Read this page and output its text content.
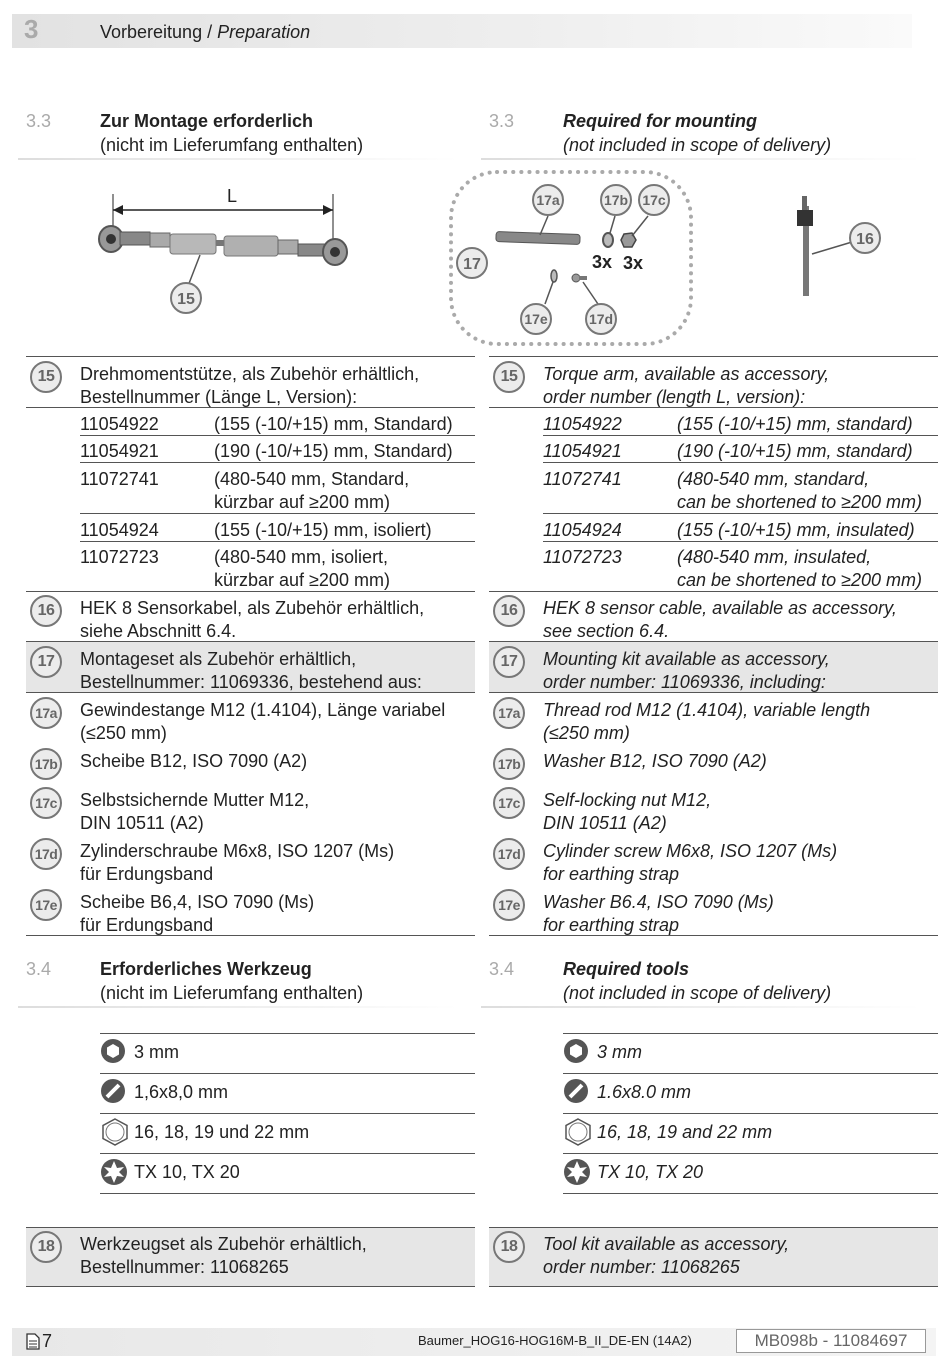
3	Vorbereitung / Preparation
3.3	Zur Montage erforderlich
(nicht im Lieferumfang enthalten)
3.3	Required for mounting
(not included in scope of delivery)
L
15
3x 3x
17
17a	17b 17c
17d
17e
16
15	Drehmomentstütze, als Zubehör erhältlich,
Bestellnummer (Länge L, Version):
11054922	(155 (-10/+15) mm, Standard)
11054921	(190 (-10/+15) mm, Standard)
11072741	(480-540 mm, Standard,
kürzbar auf ≥200 mm)
11054924	(155 (-10/+15) mm, isoliert)
11072723	(480-540 mm, isoliert,
kürzbar auf ≥200 mm)
16	HEK 8 Sensorkabel, als Zubehör erhältlich,
siehe Abschnitt 6.4.
17	Montageset als Zubehör erhältlich,
Bestellnummer: 11069336, bestehend aus:
17a Gewindestange M12 (1.4104), Länge variabel
(≤250 mm)
17b Scheibe B12, ISO 7090 (A2)
17c Selbstsichernde Mutter M12,
DIN 10511 (A2)
17d Zylinderschraube M6x8, ISO 1207 (Ms)
für Erdungsband
17e Scheibe B6,4, ISO 7090 (Ms)
für Erdungsband
3.4	Erforderliches Werkzeug
(nicht im Lieferumfang enthalten)
3 mm
1,6x8,0 mm
16, 18, 19 und 22 mm
TX 10, TX 20
18	Werkzeugset als Zubehör erhältlich,
Bestellnummer: 11068265
15	Torque arm, available as accessory,
order number (length L, version):
11054922	(155 (-10/+15) mm, standard)
11054921	(190 (-10/+15) mm, standard)
11072741	(480-540 mm, standard,
can be shortened to ≥200 mm)
11054924	(155 (-10/+15) mm, insulated)
11072723	(480-540 mm, insulated,
can be shortened to ≥200 mm)
16	HEK 8 sensor cable, available as accessory,
see section 6.4.
17	Mounting kit available as accessory,
order number: 11069336, including:
17a Thread rod M12 (1.4104), variable length
(≤250 mm)
17b Washer B12, ISO 7090 (A2)
17c Self-locking nut M12,
DIN 10511 (A2)
17d Cylinder screw M6x8, ISO 1207 (Ms)
for earthing strap
17e Washer B6.4, ISO 7090 (Ms)
for earthing strap
3.4	Required tools
(not included in scope of delivery)
3 mm
1.6x8.0 mm
16, 18, 19 and 22 mm
TX 10, TX 20
18	Tool kit available as accessory,
order number: 11068265
7	Baumer_HOG16-HOG16M-B_II_DE-EN (14A2)	MB098b - 11084697
